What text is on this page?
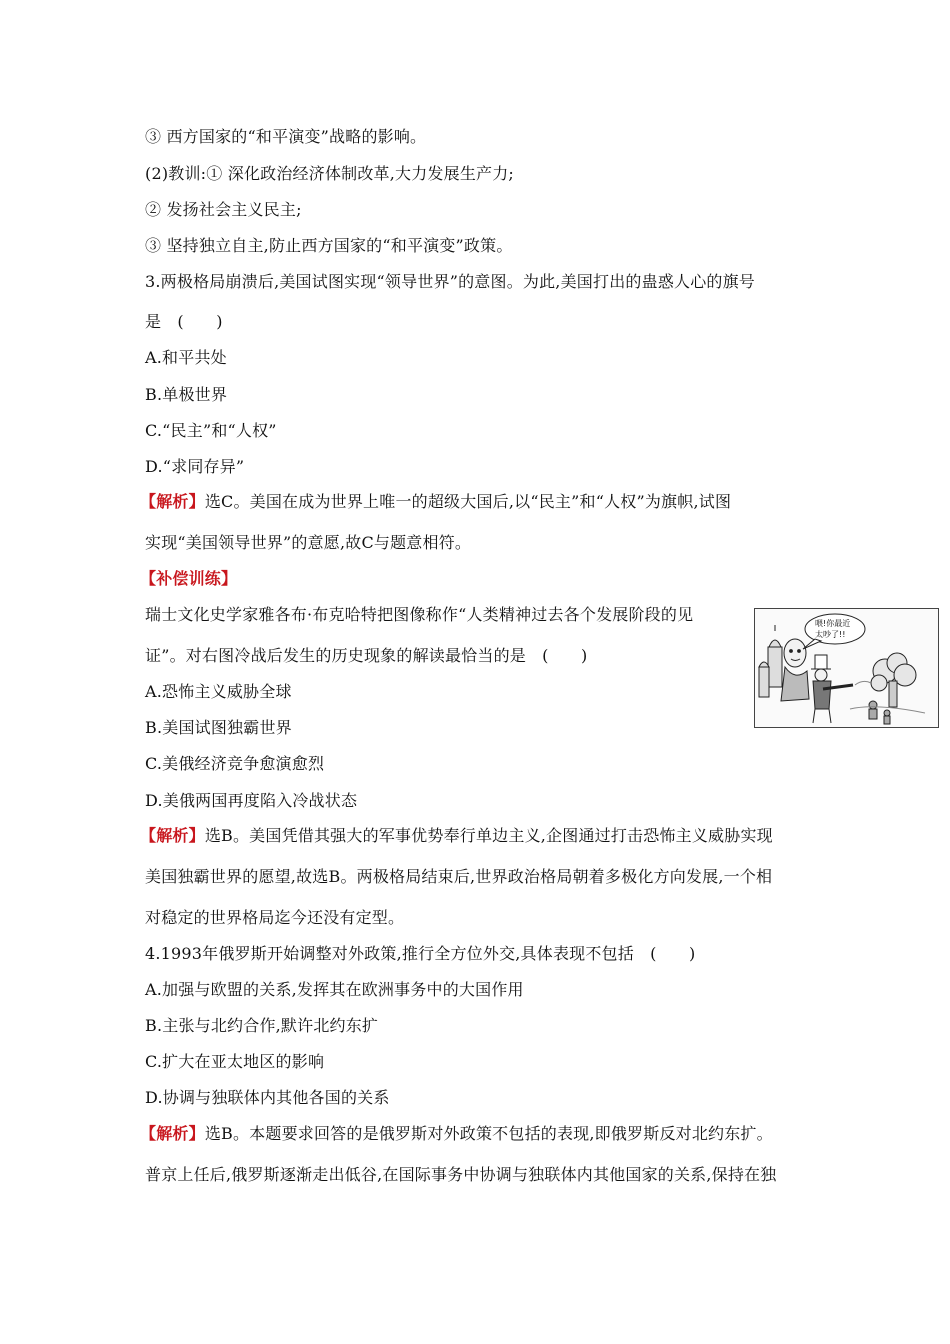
③ 西方国家的“和平演变”战略的影响。
(2)教训:① 深化政治经济体制改革,大力发展生产力;
② 发扬社会主义民主;
③ 坚持独立自主,防止西方国家的“和平演变”政策。
3.两极格局崩溃后,美国试图实现“领导世界”的意图。为此,美国打出的蛊惑人心的旗号
是　(　　)
A.和平共处
B.单极世界
C.“民主”和“人权”
D.“求同存异”
【解析】选C。美国在成为世界上唯一的超级大国后,以“民主”和“人权”为旗帜,试图
实现“美国领导世界”的意愿,故C与题意相符。
【补偿训练】
瑞士文化史学家雅各布·布克哈特把图像称作“人类精神过去各个发展阶段的见
证”。对右图冷战后发生的历史现象的解读最恰当的是　(　　)
A.恐怖主义威胁全球
B.美国试图独霸世界
C.美俄经济竞争愈演愈烈
D.美俄两国再度陷入冷战状态
【解析】选B。美国凭借其强大的军事优势奉行单边主义,企图通过打击恐怖主义威胁实现
美国独霸世界的愿望,故选B。两极格局结束后,世界政治格局朝着多极化方向发展,一个相
对稳定的世界格局迄今还没有定型。
4.1993年俄罗斯开始调整对外政策,推行全方位外交,具体表现不包括　(　　)
A.加强与欧盟的关系,发挥其在欧洲事务中的大国作用
B.主张与北约合作,默许北约东扩
C.扩大在亚太地区的影响
D.协调与独联体内其他各国的关系
【解析】选B。本题要求回答的是俄罗斯对外政策不包括的表现,即俄罗斯反对北约东扩。
普京上任后,俄罗斯逐渐走出低谷,在国际事务中协调与独联体内其他国家的关系,保持在独
喂!你最近
太吵了!!
